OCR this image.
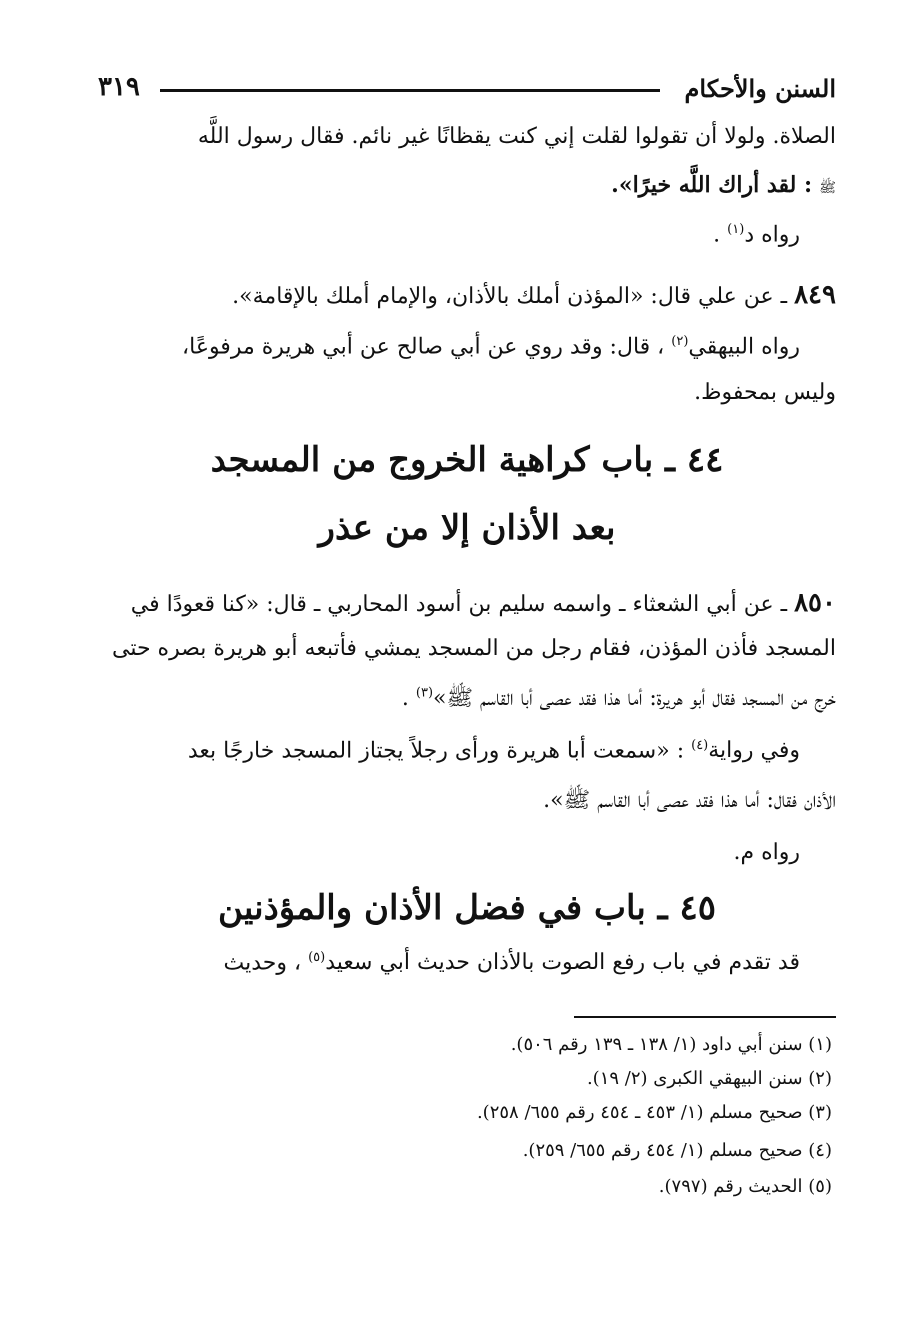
السنن والأحكام
٣١٩
الصلاة. ولولا أن تقولوا لقلت إني كنت يقظانًا غير نائم. فقال رسول اللَّه
ﷺ : لقد أراك اللَّه خيرًا».
رواه د$^{(١)}$ .
٨٤٩ ـ عن علي قال: «المؤذن أملك بالأذان، والإمام أملك بالإقامة».
رواه البيهقي$^{(٢)}$ ، قال: وقد روي عن أبي صالح عن أبي هريرة مرفوعًا،
وليس بمحفوظ.
٤٤ ـ باب كراهية الخروج من المسجد
بعد الأذان إلا من عذر
٨٥٠ ـ عن أبي الشعثاء ـ واسمه سليم بن أسود المحاربي ـ قال: «كنا قعودًا في
المسجد فأذن المؤذن، فقام رجل من المسجد يمشي فأتبعه أبو هريرة بصره حتى
خرج من المسجد فقال أبو هريرة: أما هذا فقد عصى أبا القاسم ﷺ»$^{(٣)}$ .
وفي رواية$^{(٤)}$ : «سمعت أبا هريرة ورأى رجلاً يجتاز المسجد خارجًا بعد
الأذان فقال: أما هذا فقد عصى أبا القاسم ﷺ».
رواه م.
٤٥ ـ باب في فضل الأذان والمؤذنين
قد تقدم في باب رفع الصوت بالأذان حديث أبي سعيد$^{(٥)}$ ، وحديث
(١) سنن أبي داود (١/ ١٣٨ ـ ١٣٩ رقم ٥٠٦).
(٢) سنن البيهقي الكبرى (٢/ ١٩).
(٣) صحيح مسلم (١/ ٤٥٣ ـ ٤٥٤ رقم ٦٥٥/ ٢٥٨).
(٤) صحيح مسلم (١/ ٤٥٤ رقم ٦٥٥/ ٢٥٩).
(٥) الحديث رقم (٧٩٧).
